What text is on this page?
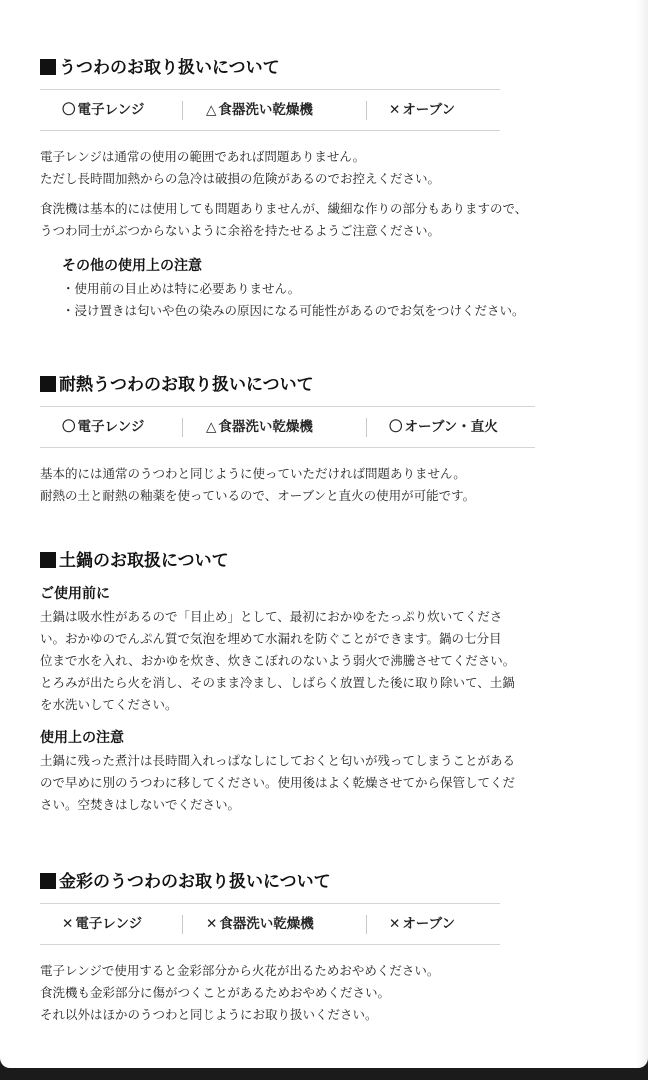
うつわのお取り扱いについて
〇 電子レンジ	△ 食器洗い乾燥機	✕ オーブン
電子レンジは通常の使用の範囲であれば問題ありません。
ただし長時間加熱からの急冷は破損の危険があるのでお控えください。
食洗機は基本的には使用しても問題ありませんが、繊細な作りの部分もありますので、
うつわ同士がぶつからないように余裕を持たせるようご注意ください。
その他の使用上の注意
・使用前の目止めは特に必要ありません。
・浸け置きは匂いや色の染みの原因になる可能性があるのでお気をつけください。
耐熱うつわのお取り扱いについて
〇 電子レンジ	△ 食器洗い乾燥機	〇 オーブン・直火
基本的には通常のうつわと同じように使っていただければ問題ありません。
耐熱の土と耐熱の釉薬を使っているので、オーブンと直火の使用が可能です。
土鍋のお取扱について
ご使用前に
土鍋は吸水性があるので「目止め」として、最初におかゆをたっぷり炊いてくださ
い。おかゆのでんぷん質で気泡を埋めて水漏れを防ぐことができます。鍋の七分目
位まで水を入れ、おかゆを炊き、炊きこぼれのないよう弱火で沸騰させてください。
とろみが出たら火を消し、そのまま冷まし、しばらく放置した後に取り除いて、土鍋
を水洗いしてください。
使用上の注意
土鍋に残った煮汁は長時間入れっぱなしにしておくと匂いが残ってしまうことがある
ので早めに別のうつわに移してください。使用後はよく乾燥させてから保管してくだ
さい。空焚きはしないでください。
金彩のうつわのお取り扱いについて
✕ 電子レンジ	✕ 食器洗い乾燥機	✕ オーブン
電子レンジで使用すると金彩部分から火花が出るためおやめください。
食洗機も金彩部分に傷がつくことがあるためおやめください。
それ以外はほかのうつわと同じようにお取り扱いください。
